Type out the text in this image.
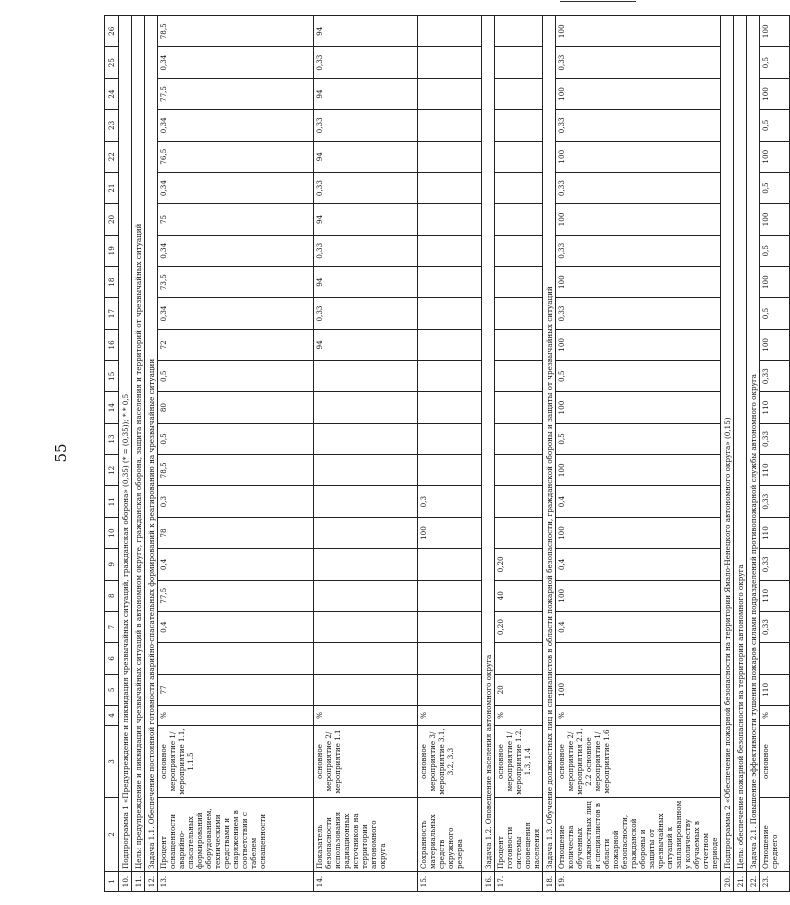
55
1	2	3	4	5	6	7	8	9	10	11	12	13	14	15	16	17	18	19	20	21	22	23	24	25	26	
10.	Подпрограмма 1 «Предупреждение и ликвидация чрезвычайных ситуаций, гражданская оборона» (0,35) (* = (0,35)); * * 0,5																									
11.	Цель: предупреждение и ликвидация чрезвычайных ситуаций в автономном округе, гражданская оборона, защита населения и территорий от чрезвычайных ситуаций																									
12.	Задача 1.1. Обеспечение постоянной готовности аварийно-спасательных формирований к реагированию на чрезвычайные ситуации																									
13.	Процент оснащенности аварийно-спасательных формирований оборудованием, техническими средствами и снаряжением в соответствии с табелем оснащенности	основное мероприятие 1/ мероприятие 1.1, 1.1.5	%	77		0,4	77,5	0,4	78	0,3	78,5	0,5	80	0,5	72	0,34	73,5	0,34	75	0,34	76,5	0,34	77,5	0,34	78,5	
14.	Показатель безопасности использования радиационных источников на территории автономного округа	основное мероприятие 2/ мероприятие 1.1	%												94	0,33	94	0,33	94	0,33	94	0,33	94	0,33	94	
15.	Сохранность материальных средств окружного резерва	основное мероприятие 3/ мероприятие 3.1, 3.2, 3.3	%						100	0,3																
16.	Задача 1.2. Оповещение населения автономного округа																									
17.	Процент готовности системы оповещения населения	основное мероприятие 1/ мероприятие 1.2, 1.3, 1.4	%	20		0,20	40	0,20																		
18.	Задача 1.3. Обучение должностных лиц и специалистов в области пожарной безопасности, гражданской обороны и защиты от чрезвычайных ситуаций																									
19.	Отношение количества обученных должностных лиц и специалистов в области пожарной безопасности, гражданской обороны и защиты от чрезвычайных ситуаций к запланированному количеству обучаемых в отчетном периоде	основное мероприятие 2/ мероприятия 2.1, 2.2 основное мероприятие 1/ мероприятие 1.6	%	100		0,4	100	0,4	100	0,4	100	0,5	100	0,5	100	0,33	100	0,33	100	0,33	100	0,33	100	0,33	100	
20.	Подпрограмма 2 «Обеспечение пожарной безопасности на территории Ямало-Ненецкого автономного округа» (0,15)																									
21.	Цель: обеспечение пожарной безопасности на территории автономного округа																									
22.	Задача 2.1. Повышение эффективности тушения пожаров силами подразделений противопожарной службы автономного округа																									
23.	Отношение среднего	основное	%	110		0,33	110	0,33	110	0,33	110	0,33	110	0,33	100	0,5	100	0,5	100	0,5	100	0,5	100	0,5	100	
